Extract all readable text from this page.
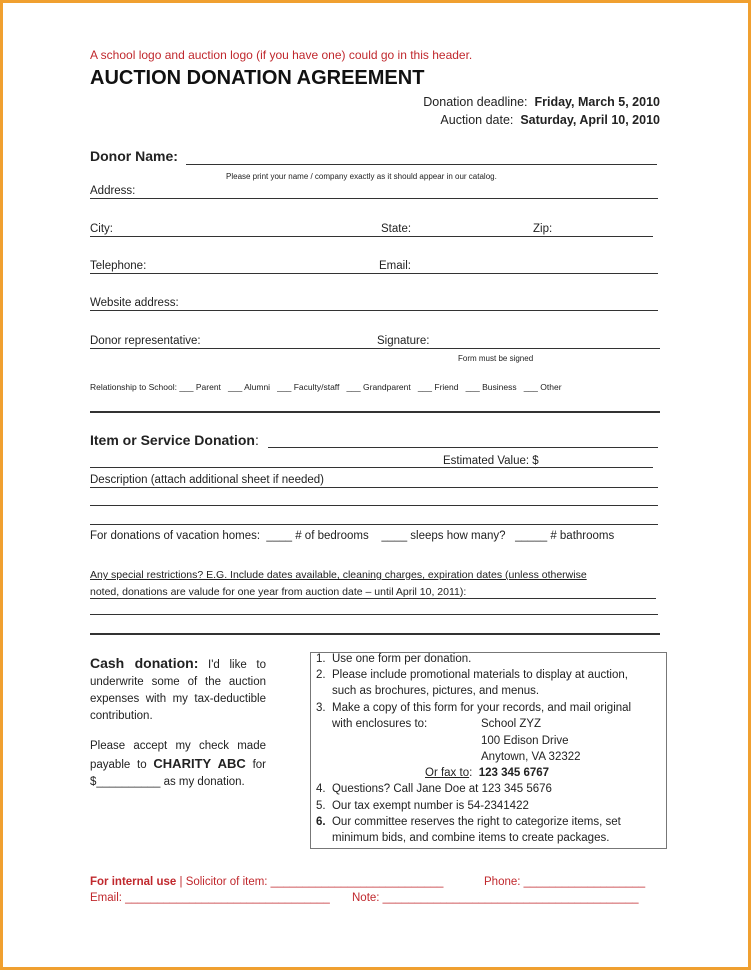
A school logo and auction logo (if you have one) could go in this header.
AUCTION DONATION AGREEMENT
Donation deadline: Friday, March 5, 2010
Auction date: Saturday, April 10, 2010
Donor Name:
Please print your name / company exactly as it should appear in our catalog.
Address:
City:	State:	Zip:
Telephone:	Email:
Website address:
Donor representative:	Signature:
Form must be signed
Relationship to School: ___ Parent   ___ Alumni   ___ Faculty/staff   ___ Grandparent   ___ Friend   ___ Business   ___ Other
Item or Service Donation:
Estimated Value: $
Description (attach additional sheet if needed)
For donations of vacation homes:  ____ # of bedrooms    ____ sleeps how many?   _____ # bathrooms
Any special restrictions? E.G. Include dates available, cleaning charges, expiration dates (unless otherwise
noted, donations are valude for one year from auction date – until April 10, 2011):
Cash donation: I'd like to underwrite some of the auction expenses with my tax-deductible contribution.
Please accept my check made payable to CHARITY ABC for $__________ as my donation.
1. Use one form per donation.
2. Please include promotional materials to display at auction,
such as brochures, pictures, and menus.
3. Make a copy of this form for your records, and mail original
with enclosures to:	School ZYZ
100 Edison Drive
Anytown, VA 32322
Or fax to: 123 345 6767
4. Questions? Call Jane Doe at 123 345 5676
5. Our tax exempt number is 54-2341422
6. Our committee reserves the right to categorize items, set
minimum bids, and combine items to create packages.
For internal use | Solicitor of item: ___________________________	Phone: ___________________
Email: ________________________________ Note: ________________________________________
